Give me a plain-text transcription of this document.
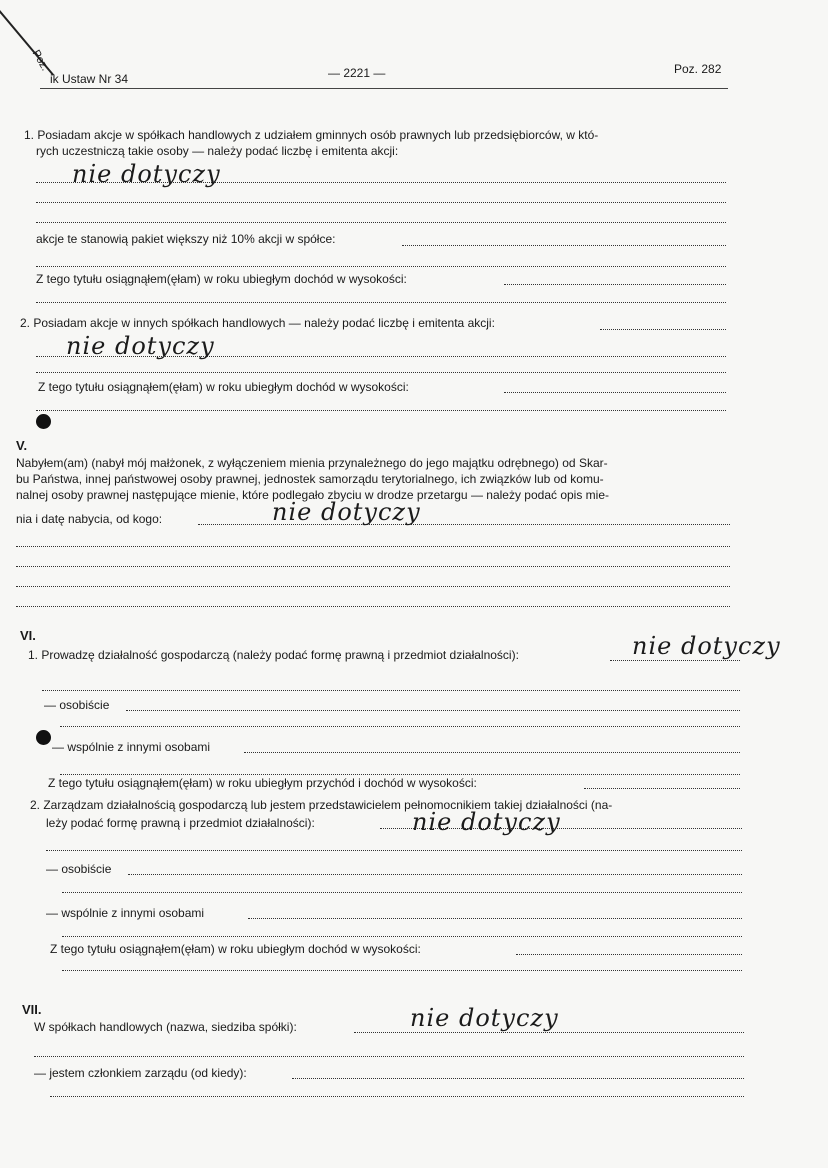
Poz.
ik Ustaw Nr 34	— 2221 —	Poz. 282
1. Posiadam akcje w spółkach handlowych z udziałem gminnych osób prawnych lub przedsiębiorców, w któ-
rych uczestniczą takie osoby — należy podać liczbę i emitenta akcji:
nie dotyczy
akcje te stanowią pakiet większy niż 10% akcji w spółce:
Z tego tytułu osiągnąłem(ęłam) w roku ubiegłym dochód w wysokości:
2. Posiadam akcje w innych spółkach handlowych — należy podać liczbę i emitenta akcji:
nie dotyczy
Z tego tytułu osiągnąłem(ęłam) w roku ubiegłym dochód w wysokości:
V.
Nabyłem(am) (nabył mój małżonek, z wyłączeniem mienia przynależnego do jego majątku odrębnego) od Skar-
bu Państwa, innej państwowej osoby prawnej, jednostek samorządu terytorialnego, ich związków lub od komu-
nalnej osoby prawnej następujące mienie, które podlegało zbyciu w drodze przetargu — należy podać opis mie-
nia i datę nabycia, od kogo:	nie dotyczy
VI.
1. Prowadzę działalność gospodarczą (należy podać formę prawną i przedmiot działalności):	nie dotyczy
— osobiście
— wspólnie z innymi osobami
Z tego tytułu osiągnąłem(ęłam) w roku ubiegłym przychód i dochód w wysokości:
2. Zarządzam działalnością gospodarczą lub jestem przedstawicielem pełnomocnikiem takiej działalności (na-
leży podać formę prawną i przedmiot działalności):	nie dotyczy
— osobiście
— wspólnie z innymi osobami
Z tego tytułu osiągnąłem(ęłam) w roku ubiegłym dochód w wysokości:
VII.
W spółkach handlowych (nazwa, siedziba spółki):	nie dotyczy
— jestem członkiem zarządu (od kiedy):
